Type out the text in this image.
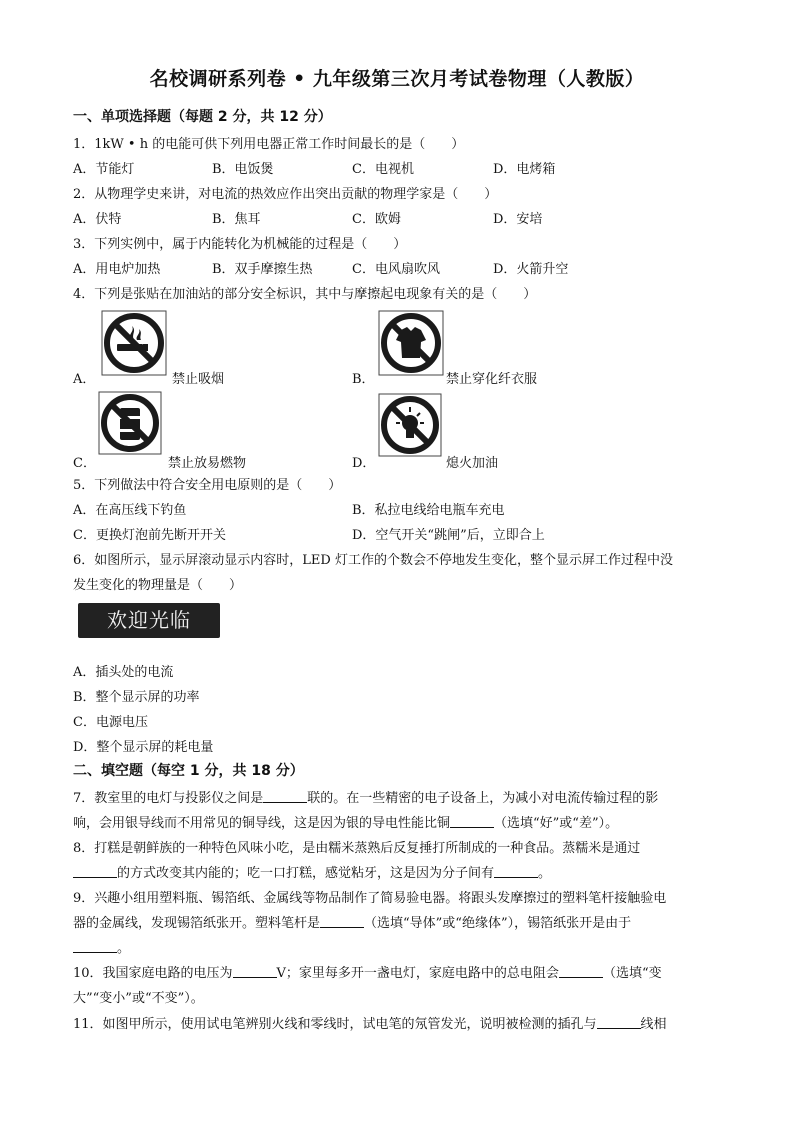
名校调研系列卷 • 九年级第三次月考试卷物理（人教版）
一、单项选择题（每题 2 分，共 12 分）
1．1kW • h 的电能可供下列用电器正常工作时间最长的是（　　）
A．节能灯	B．电饭煲	C．电视机	D．电烤箱
2．从物理学史来讲，对电流的热效应作出突出贡献的物理学家是（　　）
A．伏特	B．焦耳	C．欧姆	D．安培
3．下列实例中，属于内能转化为机械能的过程是（　　）
A．用电炉加热	B．双手摩擦生热	C．电风扇吹风	D．火箭升空
4．下列是张贴在加油站的部分安全标识，其中与摩擦起电现象有关的是（　　）
A．	禁止吸烟	B．	禁止穿化纤衣服
C．	禁止放易燃物	D．	熄火加油
5．下列做法中符合安全用电原则的是（　　）
A．在高压线下钓鱼	B．私拉电线给电瓶车充电
C．更换灯泡前先断开开关	D．空气开关“跳闸”后，立即合上
6．如图所示，显示屏滚动显示内容时，LED 灯工作的个数会不停地发生变化，整个显示屏工作过程中没
发生变化的物理量是（　　）
欢迎光临
A．插头处的电流
B．整个显示屏的功率
C．电源电压
D．整个显示屏的耗电量
二、填空题（每空 1 分，共 18 分）
7．教室里的电灯与投影仪之间是	联的。在一些精密的电子设备上，为减小对电流传输过程的影
响，会用银导线而不用常见的铜导线，这是因为银的导电性能比铜	（选填“好”或“差”）。
8．打糕是朝鲜族的一种特色风味小吃，是由糯米蒸熟后反复捶打所制成的一种食品。蒸糯米是通过
的方式改变其内能的；吃一口打糕，感觉粘牙，这是因为分子间有	。
9．兴趣小组用塑料瓶、锡箔纸、金属线等物品制作了简易验电器。将跟头发摩擦过的塑料笔杆接触验电
器的金属线，发现锡箔纸张开。塑料笔杆是	（选填“导体”或“绝缘体”），锡箔纸张开是由于
。
10．我国家庭电路的电压为	V；家里每多开一盏电灯，家庭电路中的总电阻会	（选填“变
大”“变小”或“不变”）。
11．如图甲所示，使用试电笔辨别火线和零线时，试电笔的氖管发光，说明被检测的插孔与	线相
